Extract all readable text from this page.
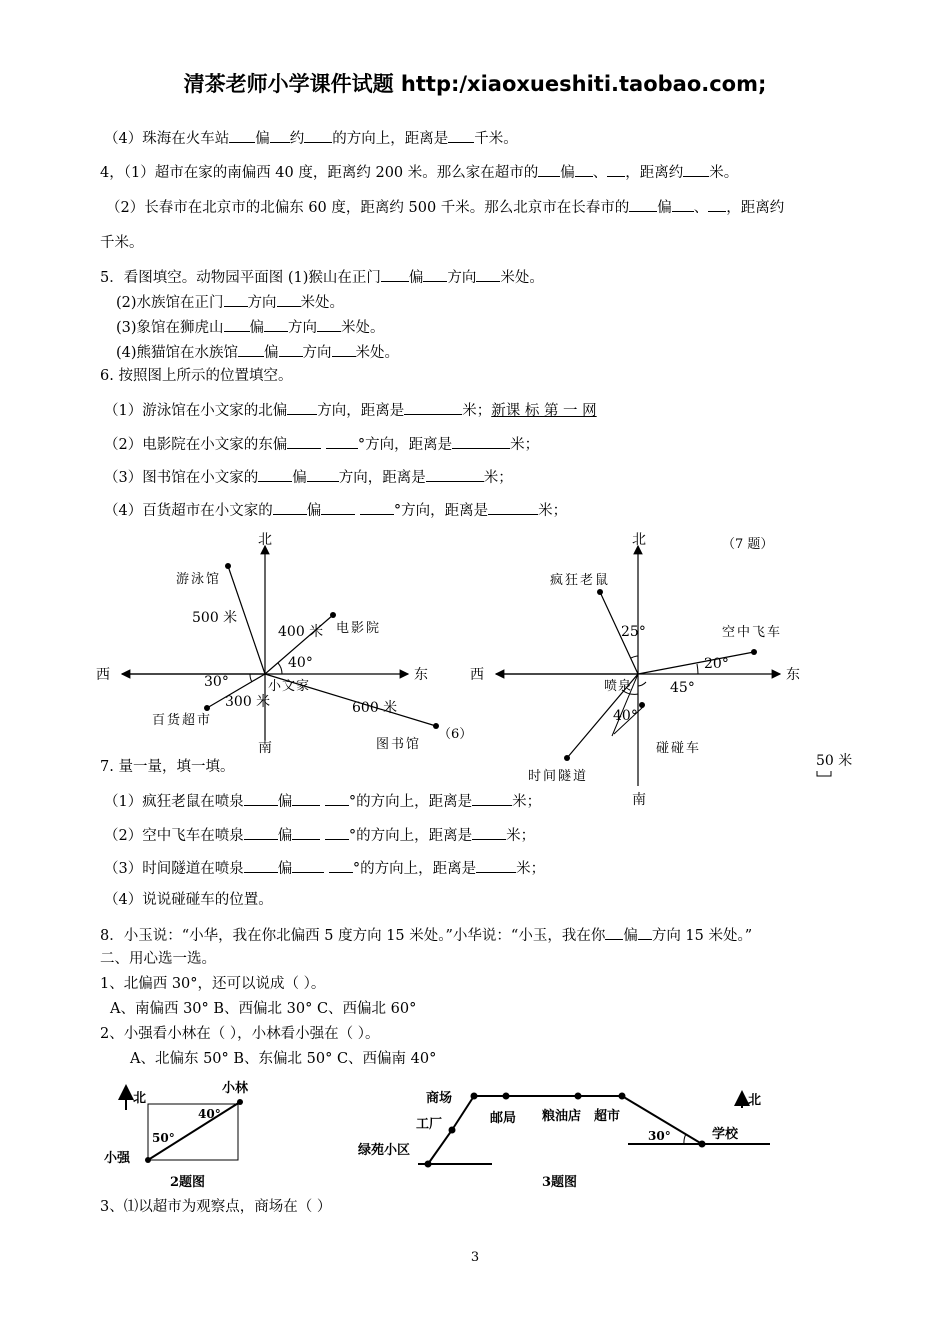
清茶老师小学课件试题 http:/xiaoxueshiti.taobao.com;
（4）珠海在火车站 偏 约 的方向上，距离是 千米。
4，（1）超市在家的南偏西 40 度，距离约 200 米。那么家在超市的 偏 、 ，距离约 米。
（2）长春市在北京市的北偏东 60 度，距离约 500 千米。那么北京市在长春市的 偏 、 ，距离约
千米。
5．看图填空。动物园平面图 (1)猴山在正门 偏 方向 米处。
(2)水族馆在正门 方向 米处。
(3)象馆在狮虎山 偏 方向 米处。
(4)熊猫馆在水族馆 偏 方向 米处。
6. 按照图上所示的位置填空。
（1）游泳馆在小文家的北偏 方向，距离是	米；新课 标 第 一 网
（2）电影院在小文家的东偏	°方向，距离是	米；
（3）图书馆在小文家的 偏 方向，距离是	米；
（4）百货超市在小文家的 偏	°方向，距离是	米；
北
南
东
西
游泳馆
500 米
电影院
400 米
40°
30°
300 米
百货超市
小文家
600 米
图书馆
（6）
北
南
东
西
（7 题）
疯狂老鼠
25°	空中飞车
20°
喷泉	45°
时间隧道
40°
碰碰车
50 米
7. 量一量，填一填。
（1）疯狂老鼠在喷泉 偏	°的方向上，距离是	米；
（2）空中飞车在喷泉 偏	°的方向上，距离是 米；
（3）时间隧道在喷泉 偏	°的方向上，距离是	米；
（4）说说碰碰车的位置。
8．小玉说：“小华，我在你北偏西 5 度方向 15 米处。”小华说：“小玉，我在你 偏 方向 15 米处。”
二、用心选一选。
1、北偏西 30°，还可以说成（ ）。
A、南偏西 30° B、西偏北 30° C、西偏北 60°
2、小强看小林在（ ），小林看小强在（ ）。
A、北偏东 50° B、东偏北 50° C、西偏南 40°
北
小林
小强
40°
50°
2题图
商场
工厂	邮局 粮油店 超市
绿苑小区
学校
30°
北
3题图
3、⑴以超市为观察点，商场在（ ）
3
